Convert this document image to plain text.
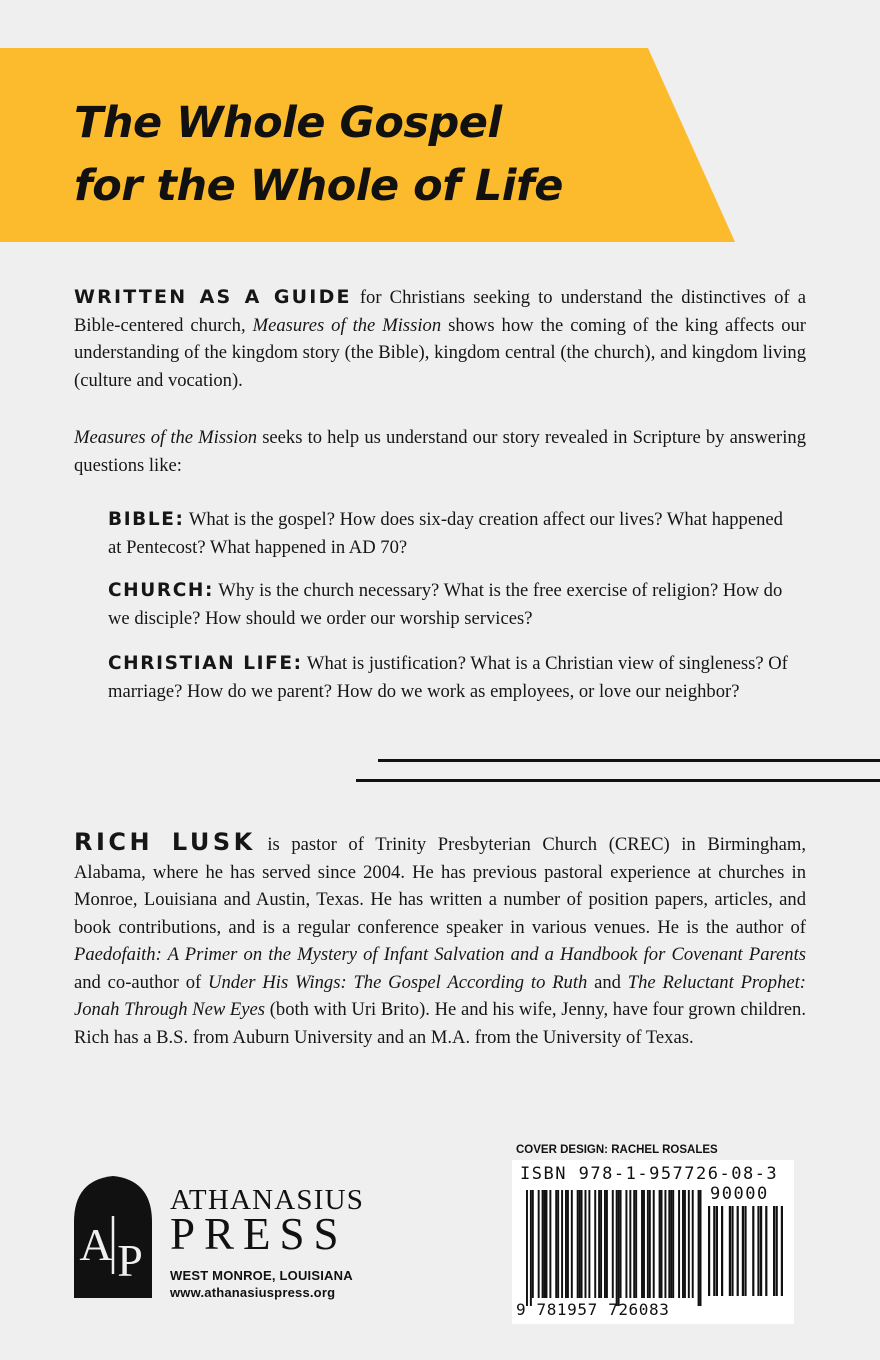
The Whole Gospel
for the Whole of Life

WRITTEN AS A GUIDE for Christians seeking to understand the distinctives of a Bible-centered church, Measures of the Mission shows how the coming of the king affects our understanding of the kingdom story (the Bible), kingdom central (the church), and kingdom living (culture and vocation).

Measures of the Mission seeks to help us understand our story revealed in Scripture by answering questions like:

BIBLE: What is the gospel? How does six-day creation affect our lives? What happened at Pentecost? What happened in AD 70?

CHURCH: Why is the church necessary? What is the free exercise of religion? How do we disciple? How should we order our worship services?

CHRISTIAN LIFE: What is justification? What is a Christian view of singleness? Of marriage? How do we parent? How do we work as employees, or love our neighbor?

RICH LUSK is pastor of Trinity Presbyterian Church (CREC) in Birmingham, Alabama, where he has served since 2004. He has previous pastoral experience at churches in Monroe, Louisiana and Austin, Texas. He has written a number of position papers, articles, and book contributions, and is a regular conference speaker in various venues. He is the author of Paedofaith: A Primer on the Mystery of Infant Salvation and a Handbook for Covenant Parents and co-author of Under His Wings: The Gospel According to Ruth and The Reluctant Prophet: Jonah Through New Eyes (both with Uri Brito). He and his wife, Jenny, have four grown children. Rich has a B.S. from Auburn University and an M.A. from the University of Texas.

A P

ATHANASIUS

PRESS

WEST MONROE, LOUISIANA

www.athanasiuspress.org

COVER DESIGN: RACHEL ROSALES

ISBN 978-1-957726-08-3

90000

9 781957 726083
